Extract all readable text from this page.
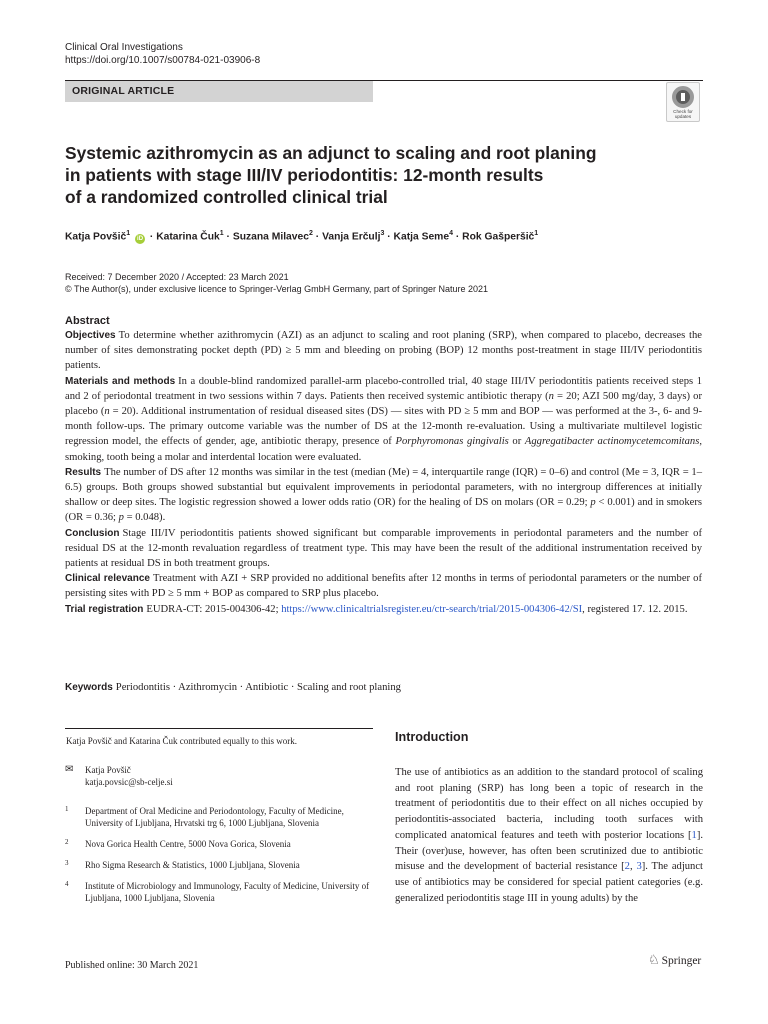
Clinical Oral Investigations
https://doi.org/10.1007/s00784-021-03906-8
ORIGINAL ARTICLE
Check for
updates
Systemic azithromycin as an adjunct to scaling and root planing
in patients with stage III/IV periodontitis: 12-month results
of a randomized controlled clinical trial
Katja Povšič$^1$ iD · Katarina Čuk$^1$ · Suzana Milavec$^2$ · Vanja Erčulj$^3$ · Katja Seme$^4$ · Rok Gašperšič$^1$
Received: 7 December 2020 / Accepted: 23 March 2021
© The Author(s), under exclusive licence to Springer-Verlag GmbH Germany, part of Springer Nature 2021
Abstract

Objectives To determine whether azithromycin (AZI) as an adjunct to scaling and root planing (SRP), when compared to placebo, decreases the number of sites demonstrating pocket depth (PD) ≥ 5 mm and bleeding on probing (BOP) 12 months post-treatment in stage III/IV periodontitis patients.

Materials and methods In a double-blind randomized parallel-arm placebo-controlled trial, 40 stage III/IV periodontitis patients received steps 1 and 2 of periodontal treatment in two sessions within 7 days. Patients then received systemic antibiotic therapy (n = 20; AZI 500 mg/day, 3 days) or placebo (n = 20). Additional instrumentation of residual diseased sites (DS) — sites with PD ≥ 5 mm and BOP — was performed at the 3-, 6- and 9-month follow-ups. The primary outcome variable was the number of DS at the 12-month re-evaluation. Using a multivariate multilevel logistic regression model, the effects of gender, age, antibiotic therapy, presence of Porphyromonas gingivalis or Aggregatibacter actinomycetemcomitans, smoking, tooth being a molar and interdental location were evaluated.

Results The number of DS after 12 months was similar in the test (median (Me) = 4, interquartile range (IQR) = 0–6) and control (Me = 3, IQR = 1–6.5) groups. Both groups showed substantial but equivalent improvements in periodontal parameters, with no intergroup differences at initially shallow or deep sites. The logistic regression showed a lower odds ratio (OR) for the healing of DS on molars (OR = 0.29; p < 0.001) and in smokers (OR = 0.36; p = 0.048).

Conclusion Stage III/IV periodontitis patients showed significant but comparable improvements in periodontal parameters and the number of residual DS at the 12-month revaluation regardless of treatment type. This may have been the result of the additional instrumentation received by patients at residual DS in both treatment groups.

Clinical relevance Treatment with AZI + SRP provided no additional benefits after 12 months in terms of periodontal parameters or the number of persisting sites with PD ≥ 5 mm + BOP as compared to SRP plus placebo.

Trial registration EUDRA-CT: 2015-004306-42; https://www.clinicaltrialsregister.eu/ctr-search/trial/2015-004306-42/SI, registered 17. 12. 2015.

Keywords Periodontitis · Azithromycin · Antibiotic · Scaling and root planing
Katja Povšič and Katarina Čuk contributed equally to this work.
✉ Katja Povšič
katja.povsic@sb-celje.si
1 Department of Oral Medicine and Periodontology, Faculty of Medicine, University of Ljubljana, Hrvatski trg 6, 1000 Ljubljana, Slovenia
2 Nova Gorica Health Centre, 5000 Nova Gorica, Slovenia
3 Rho Sigma Research & Statistics, 1000 Ljubljana, Slovenia
4 Institute of Microbiology and Immunology, Faculty of Medicine, University of Ljubljana, 1000 Ljubljana, Slovenia
Published online: 30 March 2021	♘ Springer
Introduction

The use of antibiotics as an addition to the standard protocol of scaling and root planing (SRP) has long been a topic of research in the treatment of periodontitis due to their effect on all niches occupied by periodontitis-associated bacteria, including tooth surfaces with complicated anatomical features and teeth with posterior locations [1]. Their (over)use, however, has often been scrutinized due to antibiotic misuse and the development of bacterial resistance [2, 3]. The adjunct use of antibiotics may be considered for special patient categories (e.g. generalized periodontitis stage III in young adults) by the
